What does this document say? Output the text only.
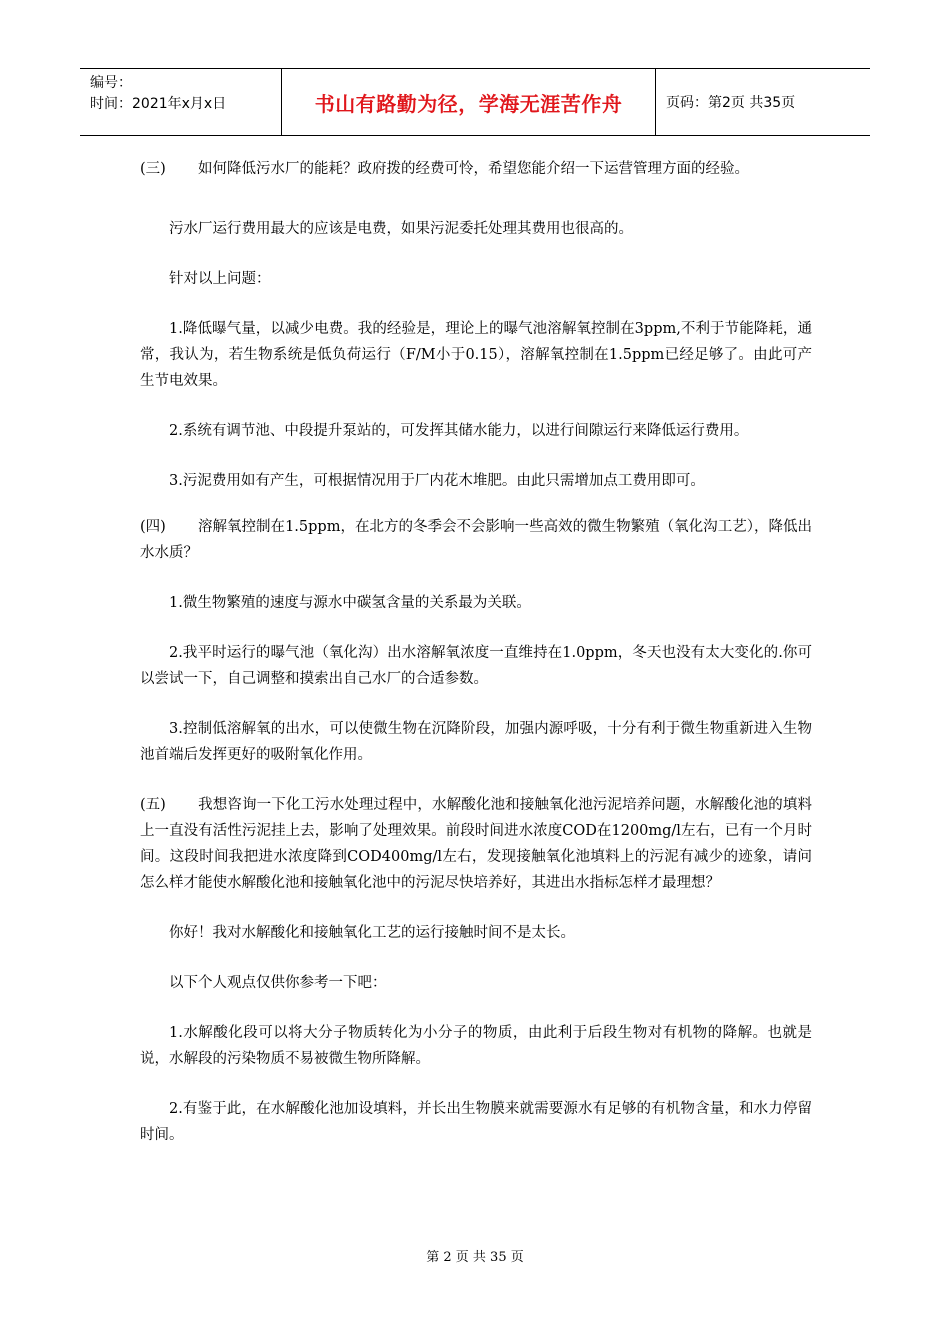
编号：
时间：2021年x月x日	书山有路勤为径，学海无涯苦作舟	页码：第2页 共35页

(三) 如何降低污水厂的能耗？政府拨的经费可怜，希望您能介绍一下运营管理方面的经验。

污水厂运行费用最大的应该是电费，如果污泥委托处理其费用也很高的。

针对以上问题：

1.降低曝气量，以减少电费。我的经验是，理论上的曝气池溶解氧控制在3ppm,不利于节能降耗，通常，我认为，若生物系统是低负荷运行（F/M小于0.15），溶解氧控制在1.5ppm已经足够了。由此可产生节电效果。

2.系统有调节池、中段提升泵站的，可发挥其储水能力，以进行间隙运行来降低运行费用。

3.污泥费用如有产生，可根据情况用于厂内花木堆肥。由此只需增加点工费用即可。

(四) 溶解氧控制在1.5ppm，在北方的冬季会不会影响一些高效的微生物繁殖（氧化沟工艺），降低出水水质？

1.微生物繁殖的速度与源水中碳氢含量的关系最为关联。

2.我平时运行的曝气池（氧化沟）出水溶解氧浓度一直维持在1.0ppm，冬天也没有太大变化的.你可以尝试一下，自己调整和摸索出自己水厂的合适参数。

3.控制低溶解氧的出水，可以使微生物在沉降阶段，加强内源呼吸，十分有利于微生物重新进入生物池首端后发挥更好的吸附氧化作用。

(五) 我想咨询一下化工污水处理过程中，水解酸化池和接触氧化池污泥培养问题，水解酸化池的填料上一直没有活性污泥挂上去，影响了处理效果。前段时间进水浓度COD在1200mg/l左右，已有一个月时间。这段时间我把进水浓度降到COD400mg/l左右，发现接触氧化池填料上的污泥有减少的迹象，请问怎么样才能使水解酸化池和接触氧化池中的污泥尽快培养好，其进出水指标怎样才最理想？

你好！我对水解酸化和接触氧化工艺的运行接触时间不是太长。

以下个人观点仅供你参考一下吧：

1.水解酸化段可以将大分子物质转化为小分子的物质，由此利于后段生物对有机物的降解。也就是说，水解段的污染物质不易被微生物所降解。

2.有鉴于此，在水解酸化池加设填料，并长出生物膜来就需要源水有足够的有机物含量，和水力停留时间。

第 2 页 共 35 页
